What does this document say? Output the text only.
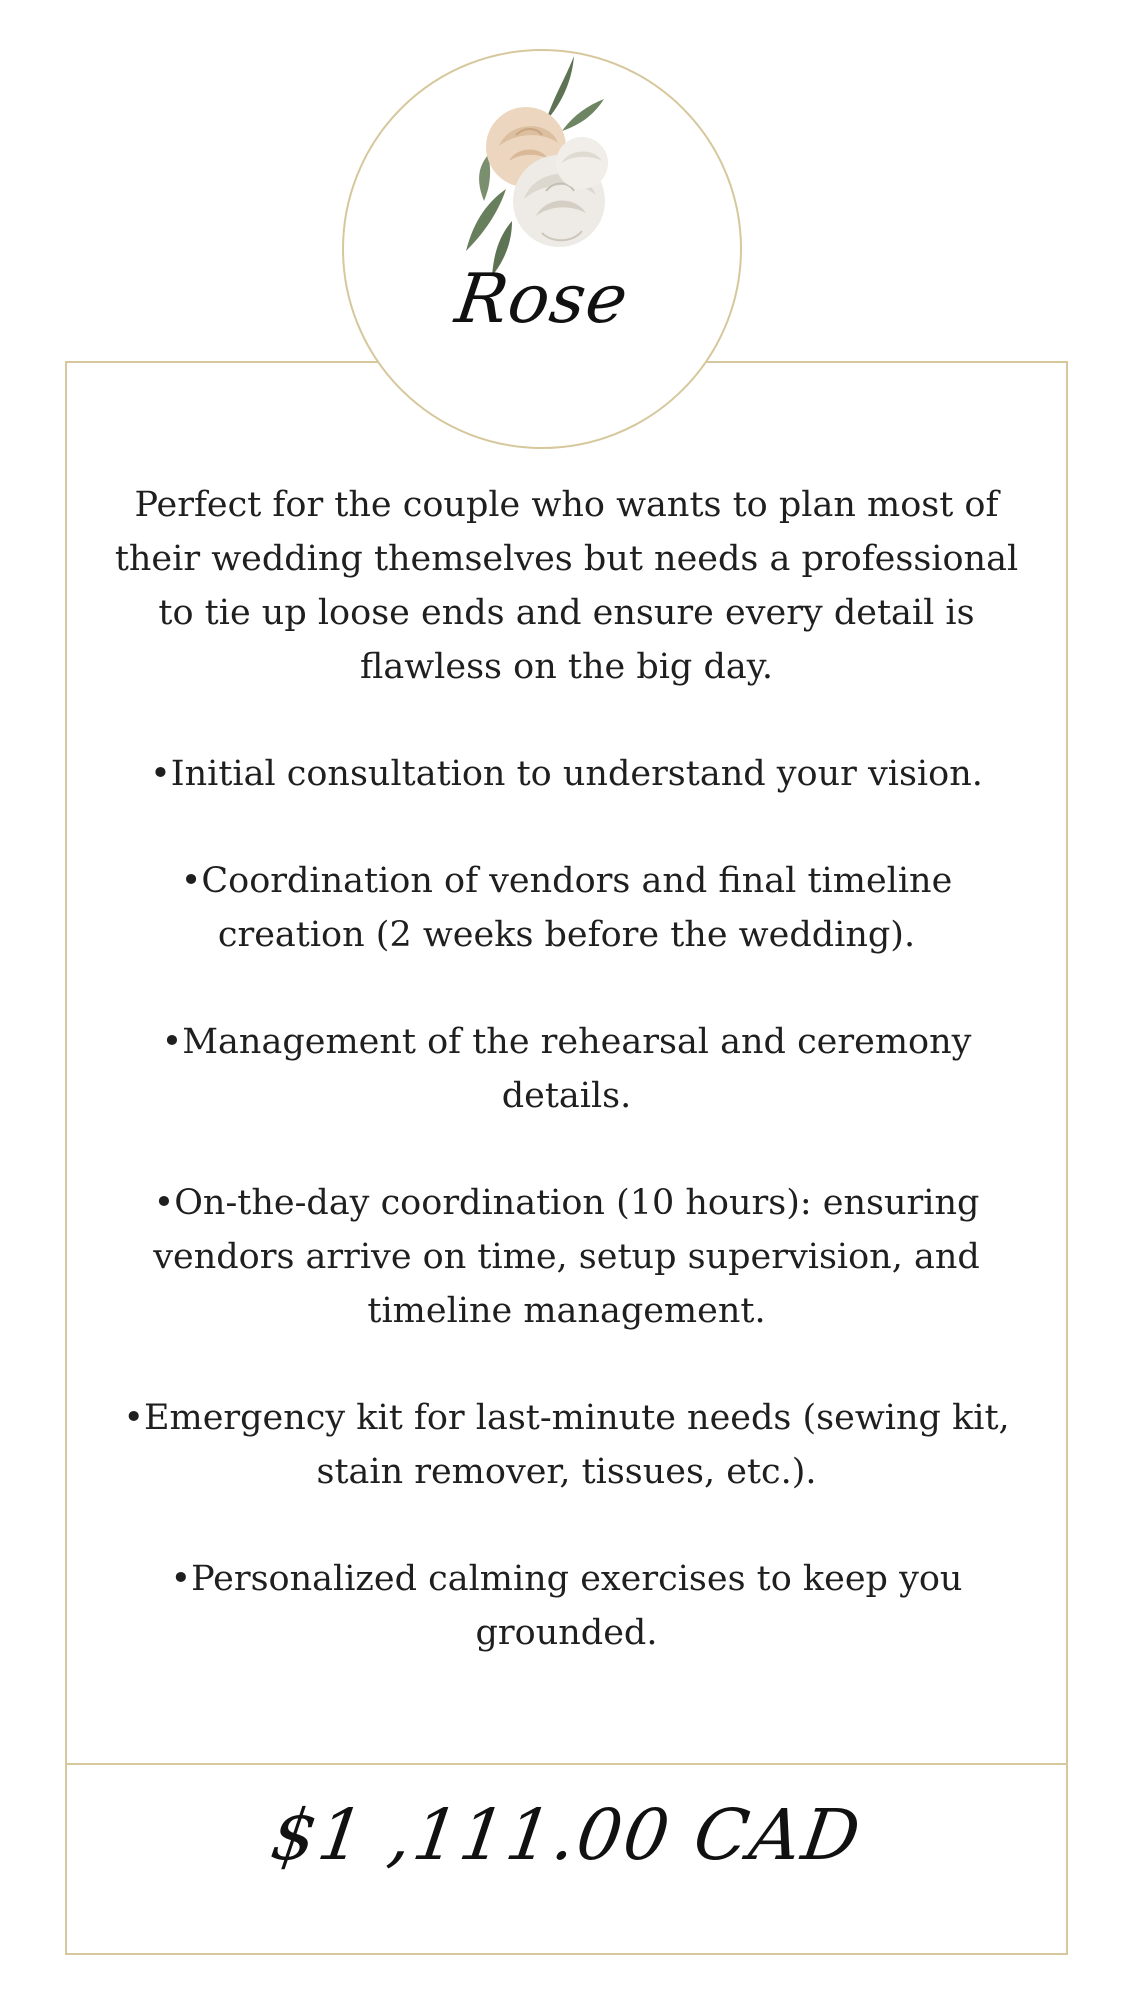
Rose

Perfect for the couple who wants to plan most of their wedding themselves but needs a professional to tie up loose ends and ensure every detail is flawless on the big day.

•Initial consultation to understand your vision.

•Coordination of vendors and final timeline creation (2 weeks before the wedding).

•Management of the rehearsal and ceremony details.

•On-the-day coordination (10 hours): ensuring vendors arrive on time, setup supervision, and timeline management.

•Emergency kit for last-minute needs (sewing kit, stain remover, tissues, etc.).

•Personalized calming exercises to keep you grounded.

$1 ,111.00 CAD
